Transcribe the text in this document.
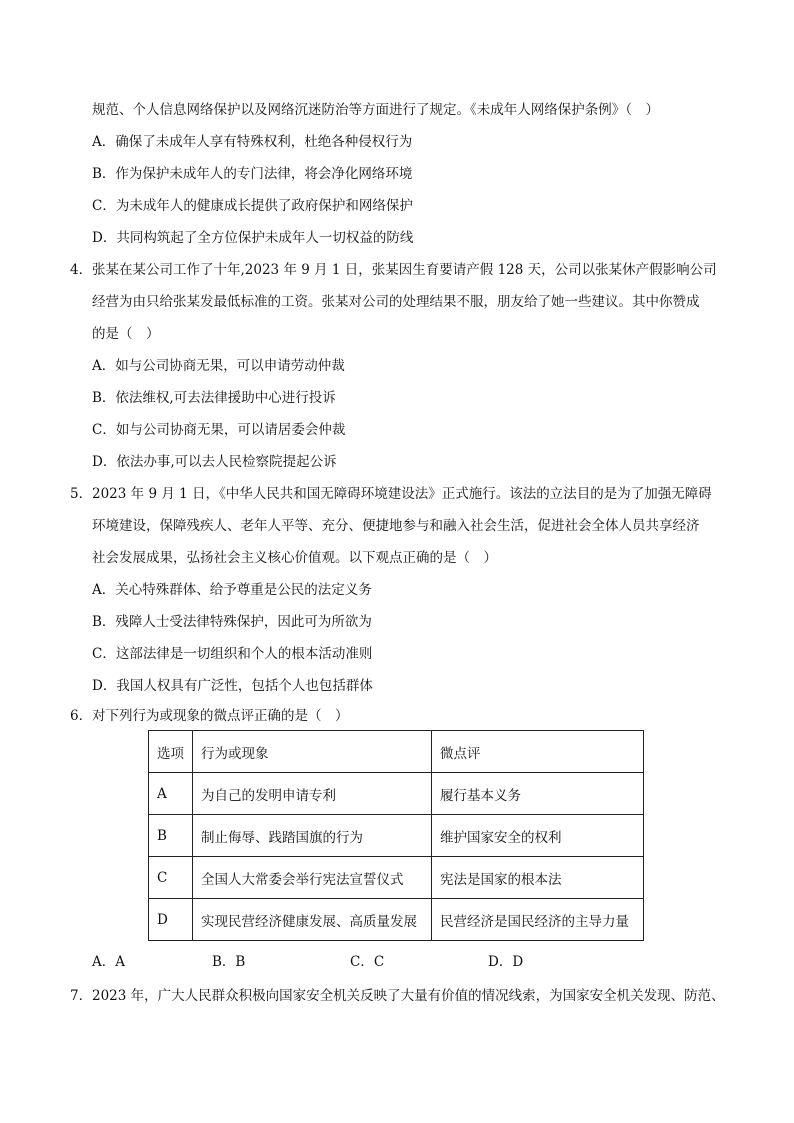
规范、个人信息网络保护以及网络沉迷防治等方面进行了规定。《未成年人网络保护条例》（　）
A．确保了未成年人享有特殊权利，杜绝各种侵权行为
B．作为保护未成年人的专门法律，将会净化网络环境
C．为未成年人的健康成长提供了政府保护和网络保护
D．共同构筑起了全方位保护未成年人一切权益的防线
4．张某在某公司工作了十年,2023 年 9 月 1 日，张某因生育要请产假 128 天，公司以张某休产假影响公司
经营为由只给张某发最低标准的工资。张某对公司的处理结果不服，朋友给了她一些建议。其中你赞成
的是（　）
A．如与公司协商无果，可以申请劳动仲裁
B．依法维权,可去法律援助中心进行投诉
C．如与公司协商无果，可以请居委会仲裁
D．依法办事,可以去人民检察院提起公诉
5．2023 年 9 月 1 日，《中华人民共和国无障碍环境建设法》正式施行。该法的立法目的是为了加强无障碍
环境建设，保障残疾人、老年人平等、充分、便捷地参与和融入社会生活，促进社会全体人员共享经济
社会发展成果，弘扬社会主义核心价值观。以下观点正确的是（　）
A．关心特殊群体、给予尊重是公民的法定义务
B．残障人士受法律特殊保护，因此可为所欲为
C．这部法律是一切组织和个人的根本活动准则
D．我国人权具有广泛性，包括个人也包括群体
6．对下列行为或现象的微点评正确的是（　）
选项	行为或现象	微点评
A	为自己的发明申请专利	履行基本义务
B	制止侮辱、践踏国旗的行为	维护国家安全的权利
C	全国人大常委会举行宪法宣誓仪式	宪法是国家的根本法
D	实现民营经济健康发展、高质量发展	民营经济是国民经济的主导力量
A．A	B．B	C．C	D．D
7．2023 年，广大人民群众积极向国家安全机关反映了大量有价值的情况线索，为国家安全机关发现、防范、
